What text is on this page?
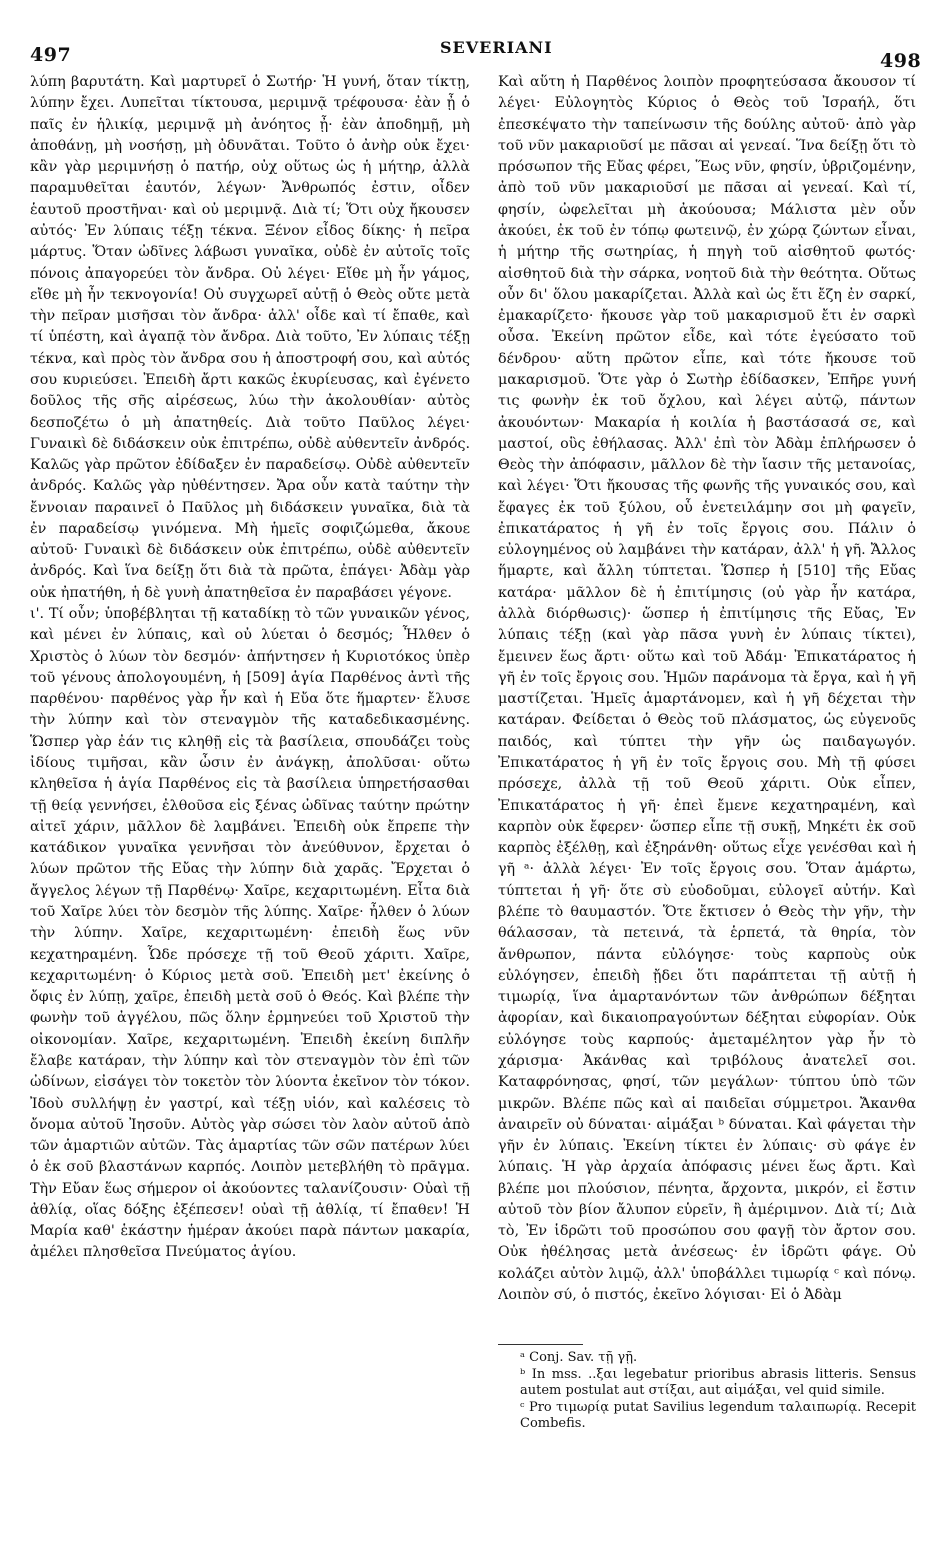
497	SEVERIANI
498

λύπη βαρυτάτη. Καὶ μαρτυρεῖ ὁ Σωτήρ· Ἡ γυνή, ὅταν τίκτῃ, λύπην ἔχει. Λυπεῖται τίκτουσα, μεριμνᾷ τρέφουσα· ἐὰν ᾖ ὁ παῖς ἐν ἡλικίᾳ, μεριμνᾷ μὴ ἀνόητος ᾖ· ἐὰν ἀποδημῇ, μὴ ἀποθάνῃ, μὴ νοσήσῃ, μὴ ὀδυνᾶται. Τοῦτο ὁ ἀνὴρ οὐκ ἔχει· κἂν γὰρ μεριμνήσῃ ὁ πατήρ, οὐχ οὕτως ὡς ἡ μήτηρ, ἀλλὰ παραμυθεῖται ἑαυτόν, λέγων· Ἄνθρωπός ἐστιν, οἶδεν ἑαυτοῦ προστῆναι· καὶ οὐ μεριμνᾷ. Διὰ τί; Ὅτι οὐχ ἤκουσεν αὐτός· Ἐν λύπαις τέξῃ τέκνα. Ξένον εἶδος δίκης· ἡ πεῖρα μάρτυς. Ὅταν ὠδῖνες λάβωσι γυναῖκα, οὐδὲ ἐν αὐτοῖς τοῖς πόνοις ἀπαγορεύει τὸν ἄνδρα. Οὐ λέγει· Εἴθε μὴ ἦν γάμος, εἴθε μὴ ἦν τεκνογονία! Οὐ συγχωρεῖ αὐτῇ ὁ Θεὸς οὔτε μετὰ τὴν πεῖραν μισῆσαι τὸν ἄνδρα· ἀλλ' οἶδε καὶ τί ἔπαθε, καὶ τί ὑπέστη, καὶ ἀγαπᾷ τὸν ἄνδρα. Διὰ τοῦτο, Ἐν λύπαις τέξῃ τέκνα, καὶ πρὸς τὸν ἄνδρα σου ἡ ἀποστροφή σου, καὶ αὐτός σου κυριεύσει. Ἐπειδὴ ἄρτι κακῶς ἐκυρίευσας, καὶ ἐγένετο δοῦλος τῆς σῆς αἱρέσεως, λύω τὴν ἀκολουθίαν· αὐτὸς δεσποζέτω ὁ μὴ ἀπατηθείς. Διὰ τοῦτο Παῦλος λέγει· Γυναικὶ δὲ διδάσκειν οὐκ ἐπιτρέπω, οὐδὲ αὐθεντεῖν ἀνδρός. Καλῶς γὰρ πρῶτον ἐδίδαξεν ἐν παραδείσῳ. Οὐδὲ αὐθεντεῖν ἀνδρός. Καλῶς γὰρ ηὐθέντησεν. Ἄρα οὖν κατὰ ταύτην τὴν ἔννοιαν παραινεῖ ὁ Παῦλος μὴ διδάσκειν γυναῖκα, διὰ τὰ ἐν παραδείσῳ γινόμενα. Μὴ ἡμεῖς σοφιζώμεθα, ἄκουε αὐτοῦ· Γυναικὶ δὲ διδάσκειν οὐκ ἐπιτρέπω, οὐδὲ αὐθεντεῖν ἀνδρός. Καὶ ἵνα δείξῃ ὅτι διὰ τὰ πρῶτα, ἐπάγει· Ἀδὰμ γὰρ οὐκ ἠπατήθη, ἡ δὲ γυνὴ ἀπατηθεῖσα ἐν παραβάσει γέγονε.

ι'. Τί οὖν; ὑποβέβληται τῇ καταδίκῃ τὸ τῶν γυναικῶν γένος, καὶ μένει ἐν λύπαις, καὶ οὐ λύεται ὁ δεσμός; Ἦλθεν ὁ Χριστὸς ὁ λύων τὸν δεσμόν· ἀπήντησεν ἡ Κυριοτόκος ὑπὲρ τοῦ γένους ἀπολογουμένη, ἡ [509] ἁγία Παρθένος ἀντὶ τῆς παρθένου· παρθένος γὰρ ἦν καὶ ἡ Εὔα ὅτε ἥμαρτεν· ἔλυσε τὴν λύπην καὶ τὸν στεναγμὸν τῆς καταδεδικασμένης. Ὥσπερ γὰρ ἐάν τις κληθῇ εἰς τὰ βασίλεια, σπουδάζει τοὺς ἰδίους τιμῆσαι, κἂν ὦσιν ἐν ἀνάγκῃ, ἀπολῦσαι· οὕτω κληθεῖσα ἡ ἁγία Παρθένος εἰς τὰ βασίλεια ὑπηρετήσασθαι τῇ θείᾳ γεννήσει, ἐλθοῦσα εἰς ξένας ὠδῖνας ταύτην πρώτην αἰτεῖ χάριν, μᾶλλον δὲ λαμβάνει. Ἐπειδὴ οὐκ ἔπρεπε τὴν κατάδικον γυναῖκα γεννῆσαι τὸν ἀνεύθυνον, ἔρχεται ὁ λύων πρῶτον τῆς Εὔας τὴν λύπην διὰ χαρᾶς. Ἔρχεται ὁ ἄγγελος λέγων τῇ Παρθένῳ· Χαῖρε, κεχαριτωμένη. Εἶτα διὰ τοῦ Χαῖρε λύει τὸν δεσμὸν τῆς λύπης. Χαῖρε· ἦλθεν ὁ λύων τὴν λύπην. Χαῖρε, κεχαριτωμένη· ἐπειδὴ ἕως νῦν κεχατηραμένη. Ὧδε πρόσεχε τῇ τοῦ Θεοῦ χάριτι. Χαῖρε, κεχαριτωμένη· ὁ Κύριος μετὰ σοῦ. Ἐπειδὴ μετ' ἐκείνης ὁ ὄφις ἐν λύπῃ, χαῖρε, ἐπειδὴ μετὰ σοῦ ὁ Θεός. Καὶ βλέπε τὴν φωνὴν τοῦ ἀγγέλου, πῶς ὅλην ἑρμηνεύει τοῦ Χριστοῦ τὴν οἰκονομίαν. Χαῖρε, κεχαριτωμένη. Ἐπειδὴ ἐκείνη διπλῆν ἔλαβε κατάραν, τὴν λύπην καὶ τὸν στεναγμὸν τὸν ἐπὶ τῶν ὠδίνων, εἰσάγει τὸν τοκετὸν τὸν λύοντα ἐκεῖνον τὸν τόκον. Ἰδοὺ συλλήψῃ ἐν γαστρί, καὶ τέξῃ υἱόν, καὶ καλέσεις τὸ ὄνομα αὐτοῦ Ἰησοῦν. Αὐτὸς γὰρ σώσει τὸν λαὸν αὐτοῦ ἀπὸ τῶν ἁμαρτιῶν αὐτῶν. Τὰς ἁμαρτίας τῶν σῶν πατέρων λύει ὁ ἐκ σοῦ βλαστάνων καρπός. Λοιπὸν μετεβλήθη τὸ πρᾶγμα. Τὴν Εὔαν ἕως σήμερον οἱ ἀκούοντες ταλανίζουσιν· Οὐαὶ τῇ ἀθλίᾳ, οἵας δόξης ἐξέπεσεν! οὐαὶ τῇ ἀθλίᾳ, τί ἔπαθεν! Ἡ Μαρία καθ' ἑκάστην ἡμέραν ἀκούει παρὰ πάντων μακαρία, ἀμέλει πλησθεῖσα Πνεύματος ἁγίου.

Καὶ αὕτη ἡ Παρθένος λοιπὸν προφητεύσασα ἄκουσον τί λέγει· Εὐλογητὸς Κύριος ὁ Θεὸς τοῦ Ἰσραήλ, ὅτι ἐπεσκέψατο τὴν ταπείνωσιν τῆς δούλης αὐτοῦ· ἀπὸ γὰρ τοῦ νῦν μακαριοῦσί με πᾶσαι αἱ γενεαί. Ἵνα δείξῃ ὅτι τὸ πρόσωπον τῆς Εὔας φέρει, Ἕως νῦν, φησίν, ὑβριζομένην, ἀπὸ τοῦ νῦν μακαριοῦσί με πᾶσαι αἱ γενεαί. Καὶ τί, φησίν, ὠφελεῖται μὴ ἀκούουσα; Μάλιστα μὲν οὖν ἀκούει, ἐκ τοῦ ἐν τόπῳ φωτεινῷ, ἐν χώρᾳ ζώντων εἶναι, ἡ μήτηρ τῆς σωτηρίας, ἡ πηγὴ τοῦ αἰσθητοῦ φωτός· αἰσθητοῦ διὰ τὴν σάρκα, νοητοῦ διὰ τὴν θεότητα. Οὕτως οὖν δι' ὅλου μακαρίζεται. Ἀλλὰ καὶ ὡς ἔτι ἔζη ἐν σαρκί, ἐμακαρίζετο· ἤκουσε γὰρ τοῦ μακαρισμοῦ ἔτι ἐν σαρκὶ οὖσα. Ἐκείνη πρῶτον εἶδε, καὶ τότε ἐγεύσατο τοῦ δένδρου· αὕτη πρῶτον εἶπε, καὶ τότε ἤκουσε τοῦ μακαρισμοῦ. Ὅτε γὰρ ὁ Σωτὴρ ἐδίδασκεν, Ἐπῆρε γυνή τις φωνὴν ἐκ τοῦ ὄχλου, καὶ λέγει αὐτῷ, πάντων ἀκουόντων· Μακαρία ἡ κοιλία ἡ βαστάσασά σε, καὶ μαστοί, οὓς ἐθήλασας. Ἀλλ' ἐπὶ τὸν Ἀδὰμ ἐπλήρωσεν ὁ Θεὸς τὴν ἀπόφασιν, μᾶλλον δὲ τὴν ἴασιν τῆς μετανοίας, καὶ λέγει· Ὅτι ἤκουσας τῆς φωνῆς τῆς γυναικός σου, καὶ ἔφαγες ἐκ τοῦ ξύλου, οὗ ἐνετειλάμην σοι μὴ φαγεῖν, ἐπικατάρατος ἡ γῆ ἐν τοῖς ἔργοις σου. Πάλιν ὁ εὐλογημένος οὐ λαμβάνει τὴν κατάραν, ἀλλ' ἡ γῆ. Ἄλλος ἥμαρτε, καὶ ἄλλη τύπτεται. Ὥσπερ ἡ [510] τῆς Εὔας κατάρα· μᾶλλον δὲ ἡ ἐπιτίμησις (οὐ γὰρ ἦν κατάρα, ἀλλὰ διόρθωσις)· ὥσπερ ἡ ἐπιτίμησις τῆς Εὔας, Ἐν λύπαις τέξῃ (καὶ γὰρ πᾶσα γυνὴ ἐν λύπαις τίκτει), ἔμεινεν ἕως ἄρτι· οὕτω καὶ τοῦ Ἀδάμ· Ἐπικατάρατος ἡ γῆ ἐν τοῖς ἔργοις σου. Ἡμῶν παράνομα τὰ ἔργα, καὶ ἡ γῆ μαστίζεται. Ἡμεῖς ἁμαρτάνομεν, καὶ ἡ γῆ δέχεται τὴν κατάραν. Φείδεται ὁ Θεὸς τοῦ πλάσματος, ὡς εὐγενοῦς παιδός, καὶ τύπτει τὴν γῆν ὡς παιδαγωγόν. Ἐπικατάρατος ἡ γῆ ἐν τοῖς ἔργοις σου. Μὴ τῇ φύσει πρόσεχε, ἀλλὰ τῇ τοῦ Θεοῦ χάριτι. Οὐκ εἶπεν, Ἐπικατάρατος ἡ γῆ· ἐπεὶ ἔμενε κεχατηραμένη, καὶ καρπὸν οὐκ ἔφερεν· ὥσπερ εἶπε τῇ συκῇ, Μηκέτι ἐκ σοῦ καρπὸς ἐξέλθῃ, καὶ ἐξηράνθη· οὕτως εἶχε γενέσθαι καὶ ἡ γῆ ᵃ· ἀλλὰ λέγει· Ἐν τοῖς ἔργοις σου. Ὅταν ἁμάρτω, τύπτεται ἡ γῆ· ὅτε σὺ εὐοδοῦμαι, εὐλογεῖ αὐτήν. Καὶ βλέπε τὸ θαυμαστόν. Ὅτε ἔκτισεν ὁ Θεὸς τὴν γῆν, τὴν θάλασσαν, τὰ πετεινά, τὰ ἑρπετά, τὰ θηρία, τὸν ἄνθρωπον, πάντα εὐλόγησε· τοὺς καρποὺς οὐκ εὐλόγησεν, ἐπειδὴ ᾔδει ὅτι παράπτεται τῇ αὐτῇ ἡ τιμωρίᾳ, ἵνα ἁμαρτανόντων τῶν ἀνθρώπων δέξηται ἀφορίαν, καὶ δικαιοπραγούντων δέξηται εὐφορίαν. Οὐκ εὐλόγησε τοὺς καρπούς· ἀμεταμέλητον γὰρ ἦν τὸ χάρισμα· Ἀκάνθας καὶ τριβόλους ἀνατελεῖ σοι. Καταφρόνησας, φησί, τῶν μεγάλων· τύπτου ὑπὸ τῶν μικρῶν. Βλέπε πῶς καὶ αἱ παιδεῖαι σύμμετροι. Ἄκανθα ἀναιρεῖν οὐ δύναται· αἱμάξαι ᵇ δύναται. Καὶ φάγεται τὴν γῆν ἐν λύπαις. Ἐκείνη τίκτει ἐν λύπαις· σὺ φάγε ἐν λύπαις. Ἡ γὰρ ἀρχαία ἀπόφασις μένει ἕως ἄρτι. Καὶ βλέπε μοι πλούσιον, πένητα, ἄρχοντα, μικρόν, εἰ ἔστιν αὐτοῦ τὸν βίον ἄλυπον εὑρεῖν, ἢ ἀμέριμνον. Διὰ τί; Διὰ τὸ, Ἐν ἱδρῶτι τοῦ προσώπου σου φαγῇ τὸν ἄρτον σου. Οὐκ ἠθέλησας μετὰ ἀνέσεως· ἐν ἱδρῶτι φάγε. Οὐ κολάζει αὐτὸν λιμῷ, ἀλλ' ὑποβάλλει τιμωρίᾳ ᶜ καὶ πόνῳ. Λοιπὸν σύ, ὁ πιστός, ἐκεῖνο λόγισαι· Εἰ ὁ Ἀδὰμ

ᵃ Conj. Sav. τῇ γῇ.

ᵇ In mss. ..ξαι legebatur prioribus abrasis litteris. Sensus autem postulat aut στίξαι, aut αἱμάξαι, vel quid simile.

ᶜ Pro τιμωρίᾳ putat Savilius legendum ταλαιπωρίᾳ. Recepit Combefis.
